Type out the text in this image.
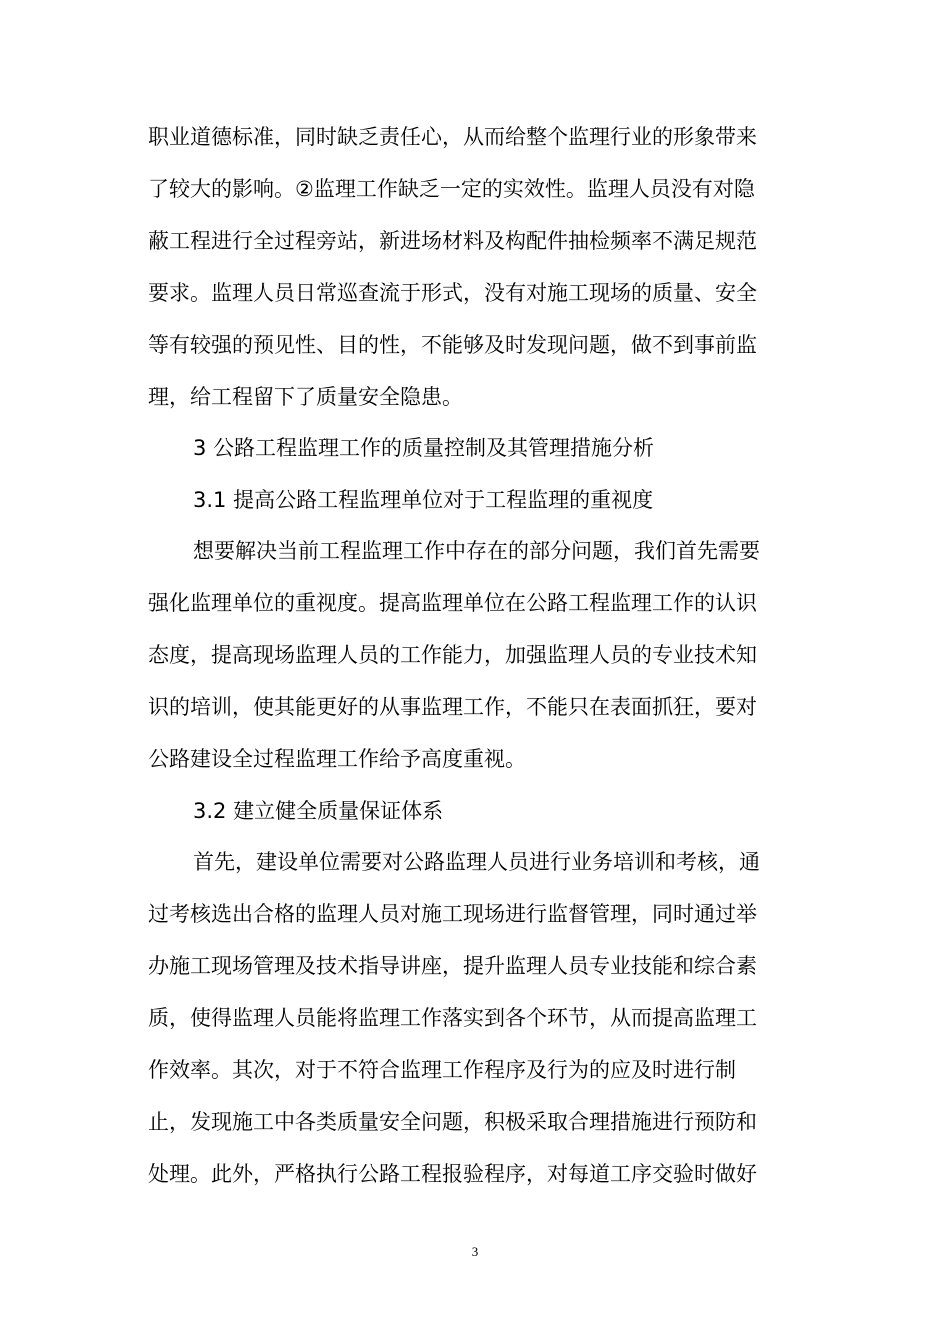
职业道德标准，同时缺乏责任心，从而给整个监理行业的形象带来
了较大的影响。②监理工作缺乏一定的实效性。监理人员没有对隐
蔽工程进行全过程旁站，新进场材料及构配件抽检频率不满足规范
要求。监理人员日常巡查流于形式，没有对施工现场的质量、安全
等有较强的预见性、目的性，不能够及时发现问题，做不到事前监
理，给工程留下了质量安全隐患。
3 公路工程监理工作的质量控制及其管理措施分析
3.1 提高公路工程监理单位对于工程监理的重视度
想要解决当前工程监理工作中存在的部分问题，我们首先需要
强化监理单位的重视度。提高监理单位在公路工程监理工作的认识
态度，提高现场监理人员的工作能力，加强监理人员的专业技术知
识的培训，使其能更好的从事监理工作，不能只在表面抓狂，要对
公路建设全过程监理工作给予高度重视。
3.2 建立健全质量保证体系
首先，建设单位需要对公路监理人员进行业务培训和考核，通
过考核选出合格的监理人员对施工现场进行监督管理，同时通过举
办施工现场管理及技术指导讲座，提升监理人员专业技能和综合素
质，使得监理人员能将监理工作落实到各个环节，从而提高监理工
作效率。其次，对于不符合监理工作程序及行为的应及时进行制
止，发现施工中各类质量安全问题，积极采取合理措施进行预防和
处理。此外，严格执行公路工程报验程序，对每道工序交验时做好
3
